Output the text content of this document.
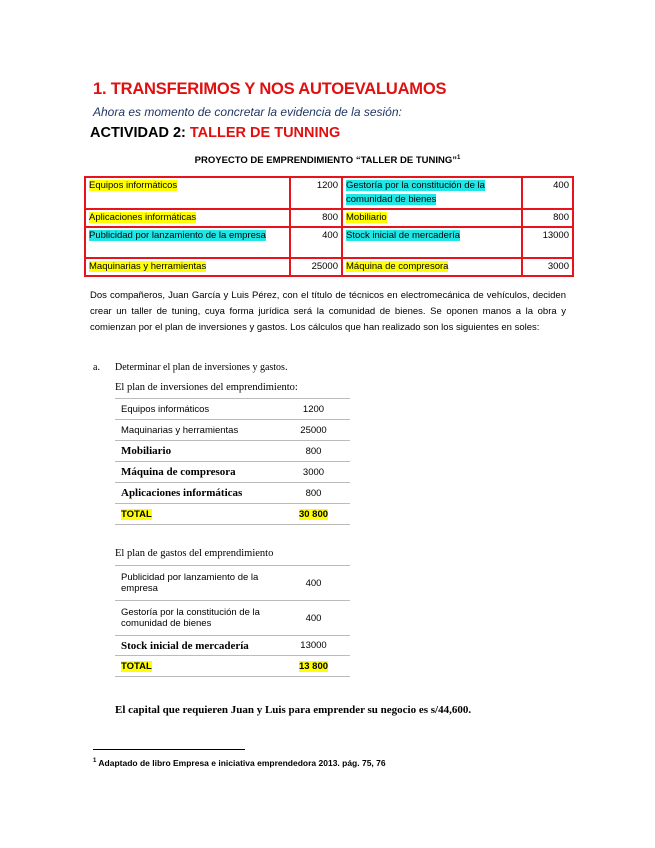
1. TRANSFERIMOS Y NOS AUTOEVALUAMOS
Ahora es momento de concretar la evidencia de la sesión:
ACTIVIDAD 2: TALLER DE TUNNING
PROYECTO DE EMPRENDIMIENTO “TALLER DE TUNING”$^1$
Equipos informáticos	1200	Gestoría por la constitución de la comunidad de bienes	400
Aplicaciones informáticas	800	Mobiliario	800
Publicidad por lanzamiento de la empresa	400	Stock inicial de mercadería	13000
Maquinarias y herramientas	25000	Máquina de compresora	3000
Dos compañeros, Juan García y Luis Pérez, con el título de técnicos en electromecánica de vehículos, deciden crear un taller de tuning, cuya forma jurídica será la comunidad de bienes. Se oponen manos a la obra y comienzan por el plan de inversiones y gastos. Los cálculos que han realizado son los siguientes en soles:
a. Determinar el plan de inversiones y gastos.
El plan de inversiones del emprendimiento:
Equipos informáticos	1200
Maquinarias y herramientas	25000
Mobiliario	800
Máquina de compresora	3000
Aplicaciones informáticas	800
TOTAL	30 800
El plan de gastos del emprendimiento
Publicidad por lanzamiento de la empresa	400
Gestoría por la constitución de la comunidad de bienes	400
Stock inicial de mercadería	13000
TOTAL	13 800
El capital que requieren Juan y Luis para emprender su negocio es s/44,600.
$^1$ Adaptado de libro Empresa e iniciativa emprendedora 2013. pág. 75, 76
